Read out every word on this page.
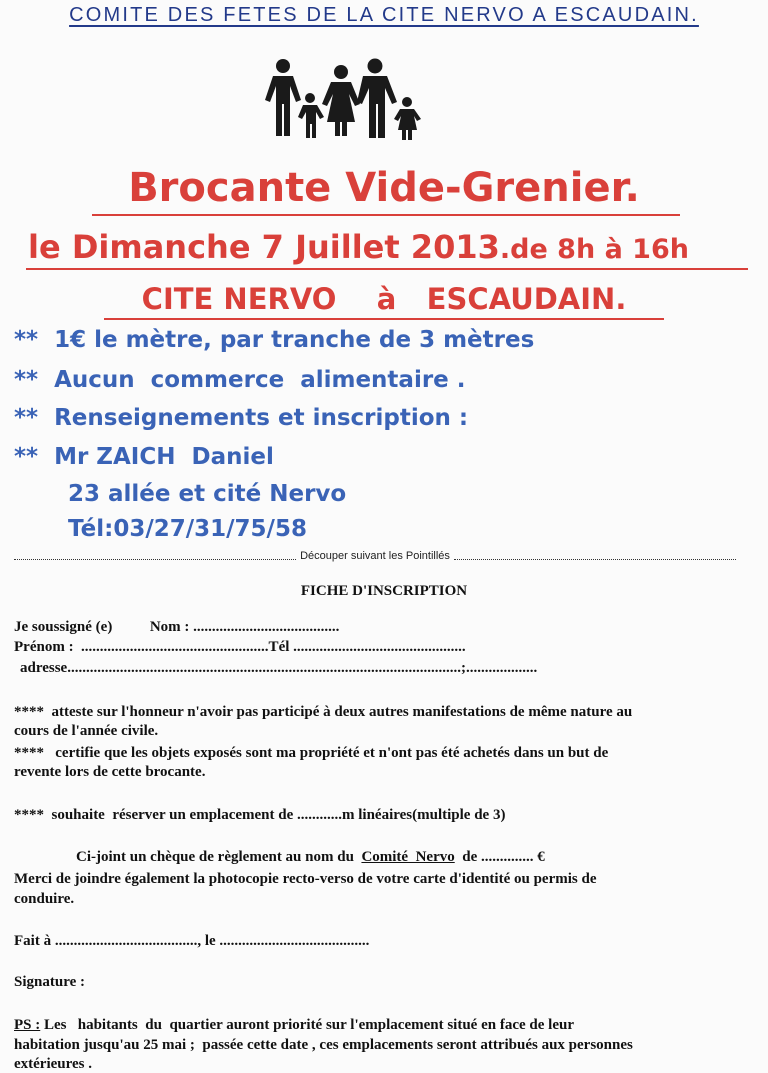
COMITE DES FETES DE LA CITE NERVO A ESCAUDAIN.
Brocante Vide-Grenier.
le Dimanche 7 Juillet 2013.de 8h à 16h
CITE NERVO    à   ESCAUDAIN.
**  1€ le mètre, par tranche de 3 mètres
**  Aucun  commerce  alimentaire .
**  Renseignements et inscription :
**  Mr ZAICH  Daniel
23 allée et cité Nervo
Tél:03/27/31/75/58
Découper suivant les Pointillés
FICHE D'INSCRIPTION
Je soussigné (e)          Nom : .......................................
Prénom :  ..................................................Tél ..............................................
adresse.........................................................................................................;...................
****  atteste sur l'honneur n'avoir pas participé à deux autres manifestations de même nature au
cours de l'année civile.
****   certifie que les objets exposés sont ma propriété et n'ont pas été achetés dans un but de
revente lors de cette brocante.
****  souhaite  réserver un emplacement de ............m linéaires(multiple de 3)
Ci-joint un chèque de règlement au nom du  Comité  Nervo  de .............. €
Merci de joindre également la photocopie recto-verso de votre carte d'identité ou permis de
conduire.
Fait à ......................................, le ........................................
Signature :
PS : Les   habitants  du  quartier auront priorité sur l'emplacement situé en face de leur
habitation jusqu'au 25 mai ;  passée cette date , ces emplacements seront attribués aux personnes
extérieures .
